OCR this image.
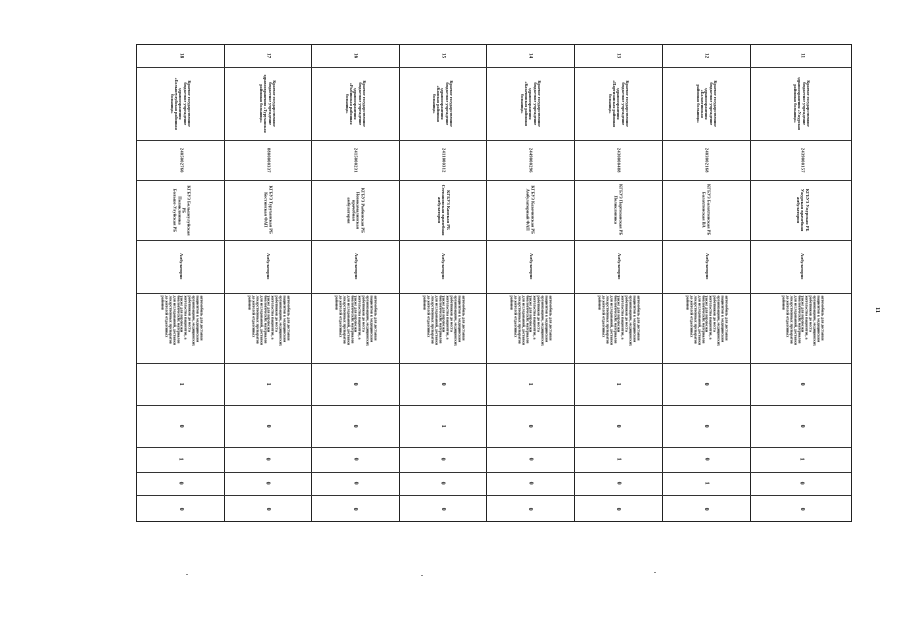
11
Краевое государственное
бюджетное учреждение
здравоохранения «Ужурская
районная больница»
2439000157
КГБУЗ Ужурская РБ
Ужурская врачебная
амбулатория
Амбулаторно
автомобиль для доставки
пациентов к медицинским
организациям, медицинских
работников до места
жительства пациентов, а
также для перевозки
биологических материалов
для исследований, доставки
лекарственных препаратов
до жителей отдаленных
районов
0
0
1
0
0
12
Краевое государственное
бюджетное учреждение
здравоохранения
«Балахтинская
районная больница»
2403002168
КГБУЗ Балахтинская РБ
Балахтинская ВА
Амбулаторно
автомобиль для доставки
пациентов к медицинским
организациям, медицинских
работников до места
жительства пациентов, а
также для перевозки
биологических материалов
для исследований, доставки
лекарственных препаратов
до жителей отдаленных
районов
0
0
0
1
0
13
Краевое государственное
бюджетное учреждение
здравоохранения
«Партизанская районная
больница»
2430000488
КГБУЗ Партизанская РБ
Поликлиника
Амбулаторно
автомобиль для доставки
пациентов к медицинским
организациям, медицинских
работников до места
жительства пациентов, а
также для перевозки
биологических материалов
для исследований, доставки
лекарственных препаратов
до жителей отдаленных
районов
1
0
1
0
0
14
Краевое государственное
бюджетное учреждение
здравоохранения
«Казачинская районная
больница»
2449000296
КГБУЗ Казачинская РБ
Амбулаторный ФАП
Амбулаторно
автомобиль для доставки
пациентов к медицинским
организациям, медицинских
работников до места
жительства пациентов, а
также для перевозки
биологических материалов
для исследований, доставки
лекарственных препаратов
до жителей отдаленных
районов
1
0
0
0
0
15
Краевое государственное
бюджетное учреждение
здравоохранения
«Канская районная
больница»
2411000312
КГБУЗ Канская РБ
Степановская врачебная
амбулатория
Амбулаторно
автомобиль для доставки
пациентов к медицинским
организациям, медицинских
работников до места
жительства пациентов, а
также для перевозки
биологических материалов
для исследований, доставки
лекарственных препаратов
до жителей отдаленных
районов
0
1
0
0
0
16
Краевое государственное
бюджетное учреждение
здравоохранения
«Рыбинская районная
больница»
2415000231
КГБУЗ Рыбинская РБ
Новокамалинская врачебная
амбулатория
Амбулаторно
автомобиль для доставки
пациентов к медицинским
организациям, медицинских
работников до места
жительства пациентов, а
также для перевозки
биологических материалов
для исследований, доставки
лекарственных препаратов
до жителей отдаленных
районов
0
0
0
0
0
17
Краевое государственное
бюджетное учреждение
здравоохранения «Туруханская
районная больница»
8800000337
КГБУЗ Туруханская РБ
Костинская ФАП
Амбулаторно
автомобиль для доставки
пациентов к медицинским
организациям, медицинских
работников до места
жительства пациентов, а
также для перевозки
биологических материалов
для исследований, доставки
лекарственных препаратов
до жителей отдаленных
районов
1
0
0
0
0
18
Краевое государственное
бюджетное учреждение
здравоохранения
«Большеулуйская районная
больница»
2405002760
КГБУЗ Большеулуйская РБ
Поликлиника
Больше-Улуйская РБ
Амбулаторно
автомобиль для доставки
пациентов к медицинским
организациям, медицинских
работников до места
жительства пациентов, а
также для перевозки
биологических материалов
для исследований, доставки
лекарственных препаратов
до жителей отдаленных
районов
1
0
1
0
0
11
